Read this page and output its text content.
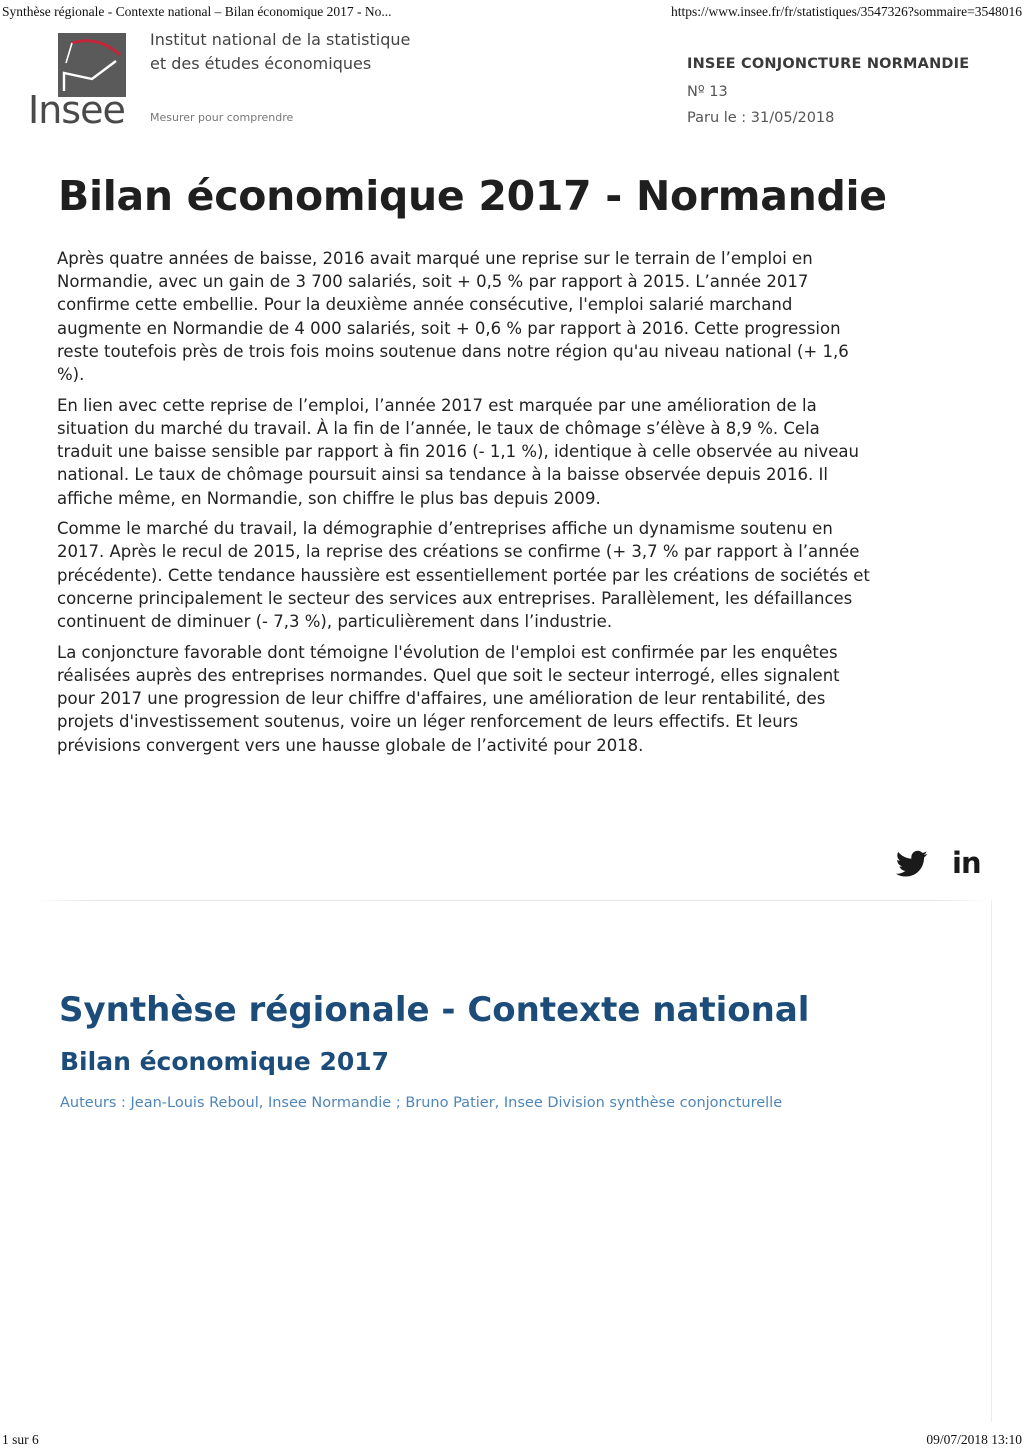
Synthèse régionale - Contexte national – Bilan économique 2017 - No...	https://www.insee.fr/fr/statistiques/3547326?sommaire=3548016
Insee
Institut national de la statistique
et des études économiques
Mesurer pour comprendre
INSEE CONJONCTURE NORMANDIE
Nº 13
Paru le : 31/05/2018
Bilan économique 2017 - Normandie

Après quatre années de baisse, 2016 avait marqué une reprise sur le terrain de l’emploi en Normandie, avec un gain de 3 700 salariés, soit + 0,5 % par rapport à 2015. L’année 2017 confirme cette embellie. Pour la deuxième année consécutive, l'emploi salarié marchand augmente en Normandie de 4 000 salariés, soit + 0,6 % par rapport à 2016. Cette progression reste toutefois près de trois fois moins soutenue dans notre région qu'au niveau national (+ 1,6 %).

En lien avec cette reprise de l’emploi, l’année 2017 est marquée par une amélioration de la situation du marché du travail. À la fin de l’année, le taux de chômage s’élève à 8,9 %. Cela traduit une baisse sensible par rapport à fin 2016 (- 1,1 %), identique à celle observée au niveau national. Le taux de chômage poursuit ainsi sa tendance à la baisse observée depuis 2016. Il affiche même, en Normandie, son chiffre le plus bas depuis 2009.

Comme le marché du travail, la démographie d’entreprises affiche un dynamisme soutenu en 2017. Après le recul de 2015, la reprise des créations se confirme (+ 3,7 % par rapport à l’année précédente). Cette tendance haussière est essentiellement portée par les créations de sociétés et concerne principalement le secteur des services aux entreprises. Parallèlement, les défaillances continuent de diminuer (- 7,3 %), particulièrement dans l’industrie.

La conjoncture favorable dont témoigne l'évolution de l'emploi est confirmée par les enquêtes réalisées auprès des entreprises normandes. Quel que soit le secteur interrogé, elles signalent pour 2017 une progression de leur chiffre d'affaires, une amélioration de leur rentabilité, des projets d'investissement soutenus, voire un léger renforcement de leurs effectifs. Et leurs prévisions convergent vers une hausse globale de l’activité pour 2018.

in
Synthèse régionale - Contexte national
Bilan économique 2017
Auteurs : Jean-Louis Reboul, Insee Normandie ; Bruno Patier, Insee Division synthèse conjoncturelle
1 sur 6	09/07/2018 13:10
